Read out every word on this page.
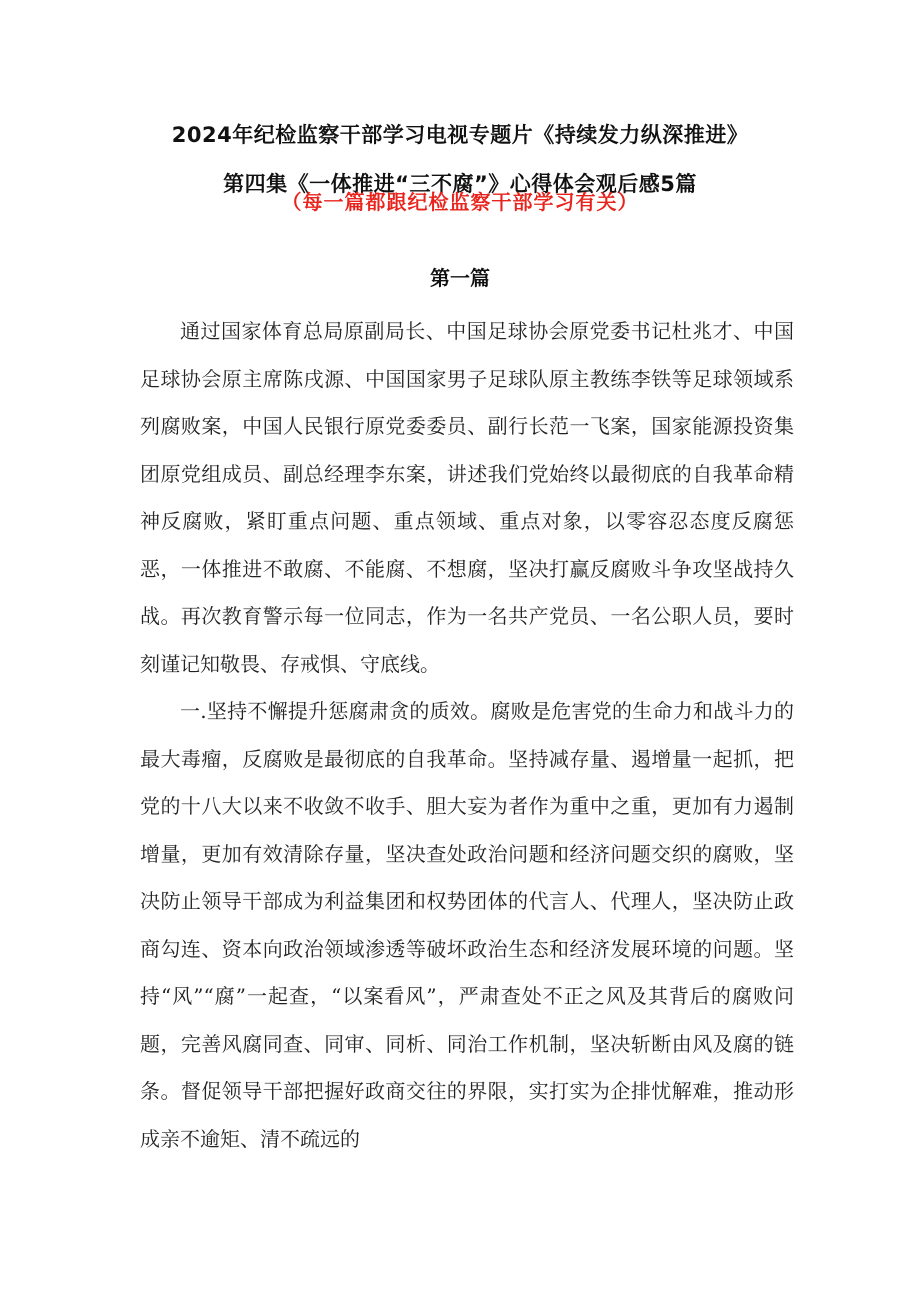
2024年纪检监察干部学习电视专题片《持续发力纵深推进》
第四集《一体推进“三不腐”》心得体会观后感5篇
（每一篇都跟纪检监察干部学习有关）
第一篇

通过国家体育总局原副局长、中国足球协会原党委书记杜兆才、中国足球协会原主席陈戌源、中国国家男子足球队原主教练李铁等足球领域系列腐败案，中国人民银行原党委委员、副行长范一飞案，国家能源投资集团原党组成员、副总经理李东案，讲述我们党始终以最彻底的自我革命精神反腐败，紧盯重点问题、重点领域、重点对象，以零容忍态度反腐惩恶，一体推进不敢腐、不能腐、不想腐，坚决打赢反腐败斗争攻坚战持久战。再次教育警示每一位同志，作为一名共产党员、一名公职人员，要时刻谨记知敬畏、存戒惧、守底线。

一.坚持不懈提升惩腐肃贪的质效。腐败是危害党的生命力和战斗力的最大毒瘤，反腐败是最彻底的自我革命。坚持减存量、遏增量一起抓，把党的十八大以来不收敛不收手、胆大妄为者作为重中之重，更加有力遏制增量，更加有效清除存量，坚决查处政治问题和经济问题交织的腐败，坚决防止领导干部成为利益集团和权势团体的代言人、代理人，坚决防止政商勾连、资本向政治领域渗透等破坏政治生态和经济发展环境的问题。坚持“风”“腐”一起查，“以案看风”，严肃查处不正之风及其背后的腐败问题，完善风腐同查、同审、同析、同治工作机制，坚决斩断由风及腐的链条。督促领导干部把握好政商交往的界限，实打实为企排忧解难，推动形成亲不逾矩、清不疏远的
